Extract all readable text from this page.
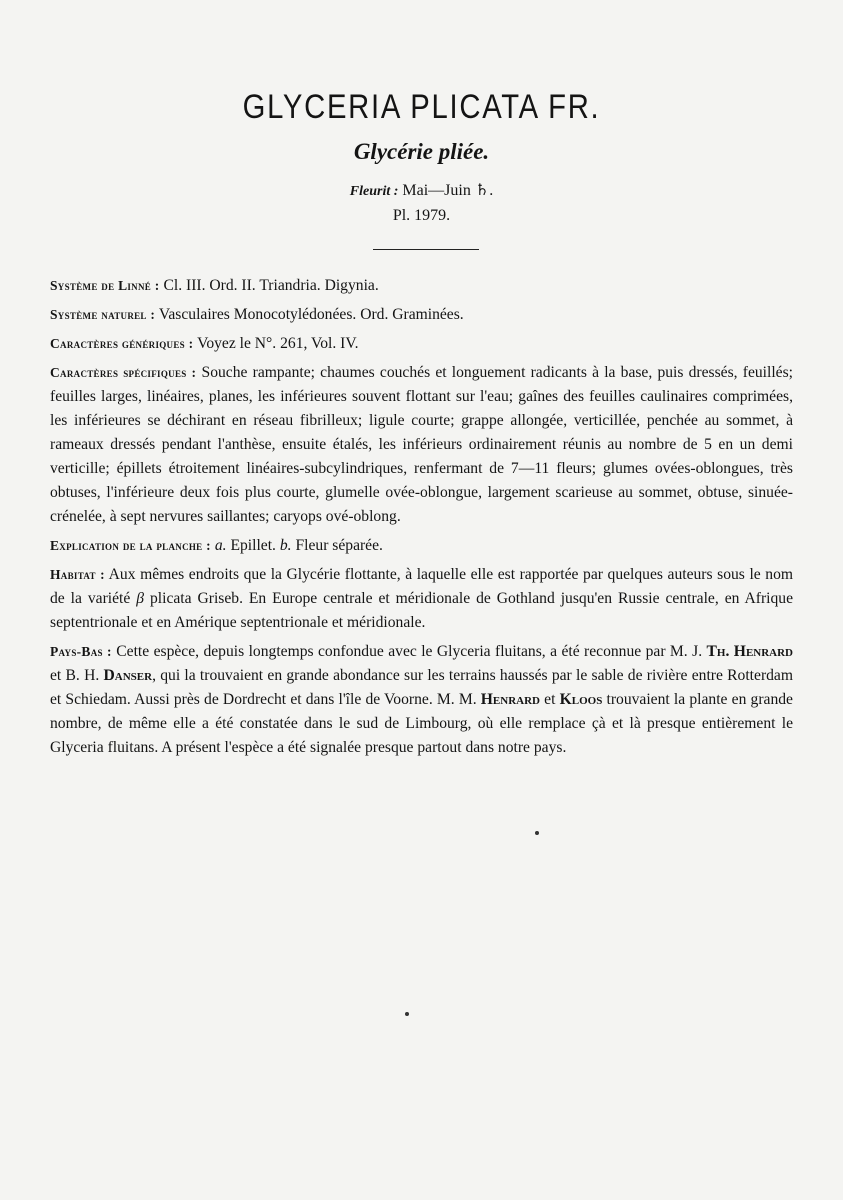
GLYCERIA PLICATA FR.
Glycérie pliée.
Fleurit : Mai—Juin ♄.
Pl. 1979.

Système de Linné : Cl. III. Ord. II. Triandria. Digynia.

Système naturel : Vasculaires Monocotylédonées. Ord. Graminées.

Caractères génériques : Voyez le N°. 261, Vol. IV.

Caractères spécifiques : Souche rampante; chaumes couchés et longuement radicants à la base, puis dressés, feuillés; feuilles larges, linéaires, planes, les inférieures souvent flottant sur l'eau; gaînes des feuilles caulinaires comprimées, les inférieures se déchirant en réseau fibrilleux; ligule courte; grappe allongée, verticillée, penchée au sommet, à rameaux dressés pendant l'anthèse, ensuite étalés, les inférieurs ordinairement réunis au nombre de 5 en un demi verticille; épillets étroitement linéaires-subcylindriques, renfermant de 7—11 fleurs; glumes ovées-oblongues, très obtuses, l'inférieure deux fois plus courte, glumelle ovée-oblongue, largement scarieuse au sommet, obtuse, sinuée-crénelée, à sept nervures saillantes; caryops ové-oblong.

Explication de la planche : a. Epillet. b. Fleur séparée.

Habitat : Aux mêmes endroits que la Glycérie flottante, à laquelle elle est rapportée par quelques auteurs sous le nom de la variété β plicata Griseb. En Europe centrale et méridionale de Gothland jusqu'en Russie centrale, en Afrique septentrionale et en Amérique septentrionale et méridionale.

Pays-Bas : Cette espèce, depuis longtemps confondue avec le Glyceria fluitans, a été reconnue par M. J. Th. Henrard et B. H. Danser, qui la trouvaient en grande abondance sur les terrains haussés par le sable de rivière entre Rotterdam et Schiedam. Aussi près de Dordrecht et dans l'île de Voorne. M. M. Henrard et Kloos trouvaient la plante en grande nombre, de même elle a été constatée dans le sud de Limbourg, où elle remplace çà et là presque entièrement le Glyceria fluitans. A présent l'espèce a été signalée presque partout dans notre pays.
